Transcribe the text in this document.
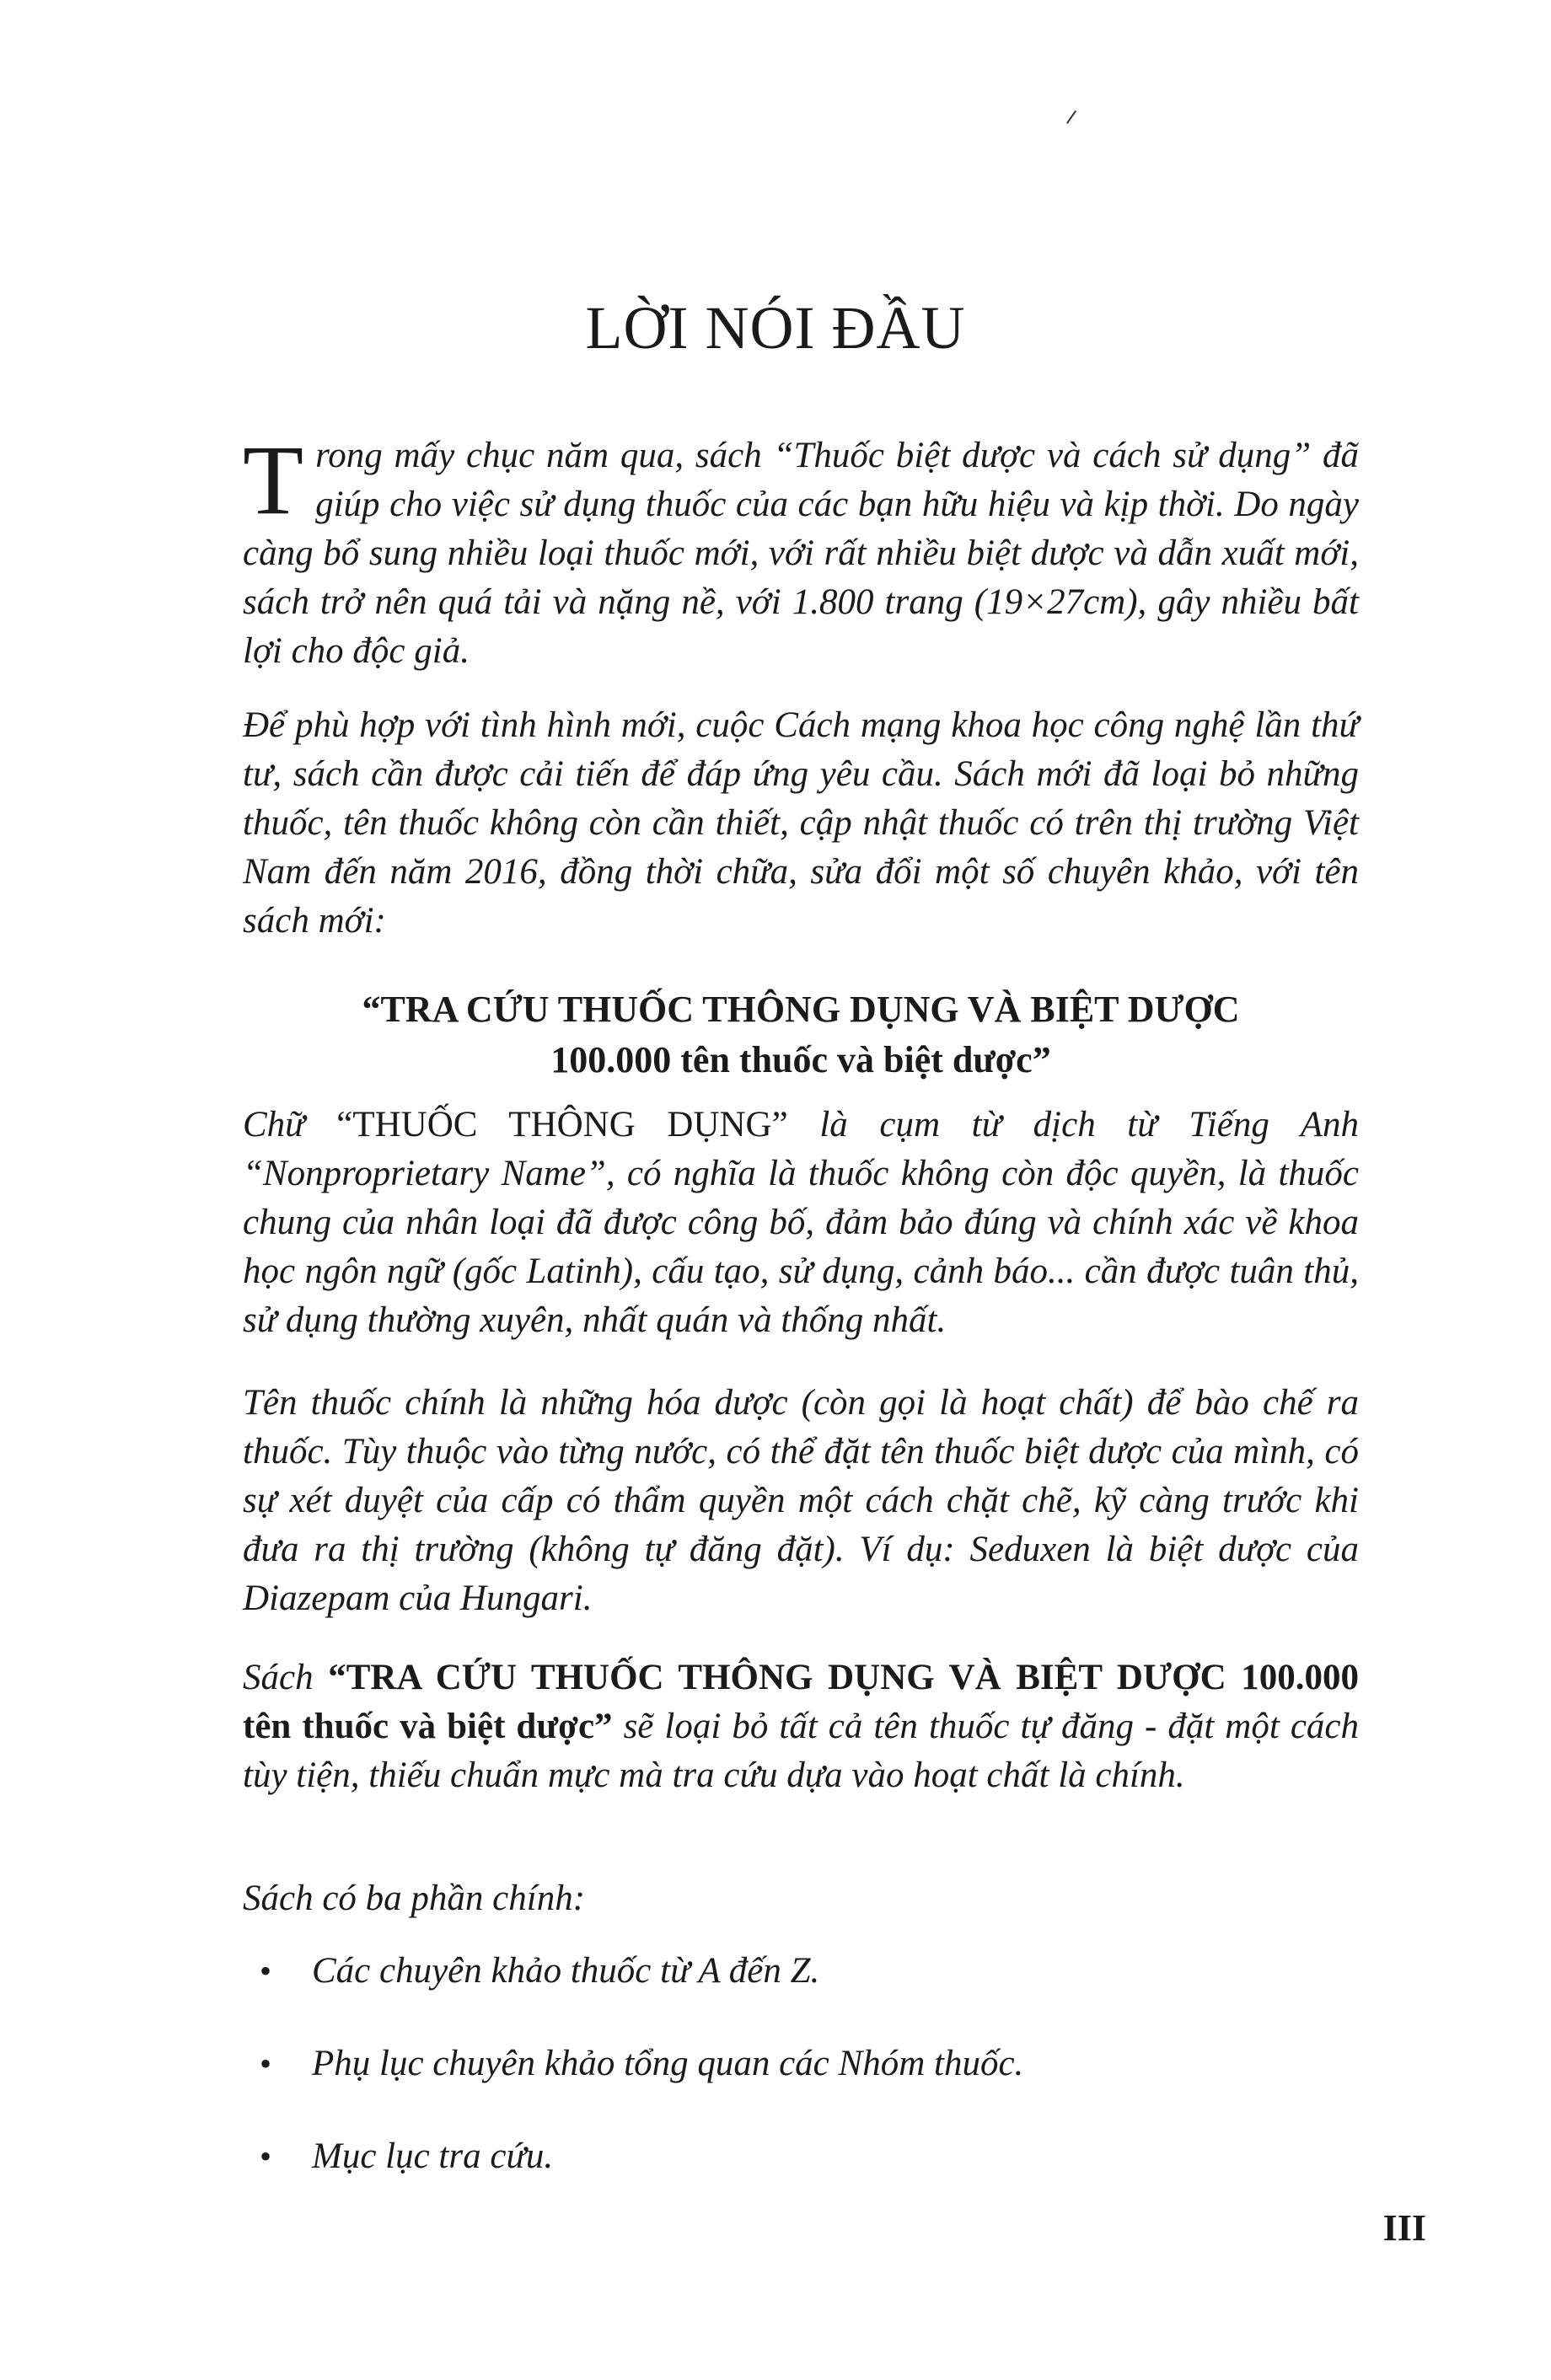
LỜI NÓI ĐẦU

Trong mấy chục năm qua, sách “Thuốc biệt dược và cách sử dụng” đã giúp cho việc sử dụng thuốc của các bạn hữu hiệu và kịp thời. Do ngày càng bổ sung nhiều loại thuốc mới, với rất nhiều biệt dược và dẫn xuất mới, sách trở nên quá tải và nặng nề, với 1.800 trang (19×27cm), gây nhiều bất lợi cho độc giả.

Để phù hợp với tình hình mới, cuộc Cách mạng khoa học công nghệ lần thứ tư, sách cần được cải tiến để đáp ứng yêu cầu. Sách mới đã loại bỏ những thuốc, tên thuốc không còn cần thiết, cập nhật thuốc có trên thị trường Việt Nam đến năm 2016, đồng thời chữa, sửa đổi một số chuyên khảo, với tên sách mới:

“TRA CỨU THUỐC THÔNG DỤNG VÀ BIỆT DƯỢC
100.000 tên thuốc và biệt dược”

Chữ “THUỐC THÔNG DỤNG” là cụm từ dịch từ Tiếng Anh “Nonproprietary Name”, có nghĩa là thuốc không còn độc quyền, là thuốc chung của nhân loại đã được công bố, đảm bảo đúng và chính xác về khoa học ngôn ngữ (gốc Latinh), cấu tạo, sử dụng, cảnh báo... cần được tuân thủ, sử dụng thường xuyên, nhất quán và thống nhất.

Tên thuốc chính là những hóa dược (còn gọi là hoạt chất) để bào chế ra thuốc. Tùy thuộc vào từng nước, có thể đặt tên thuốc biệt dược của mình, có sự xét duyệt của cấp có thẩm quyền một cách chặt chẽ, kỹ càng trước khi đưa ra thị trường (không tự đăng đặt). Ví dụ: Seduxen là biệt dược của Diazepam của Hungari.

Sách “TRA CỨU THUỐC THÔNG DỤNG VÀ BIỆT DƯỢC 100.000 tên thuốc và biệt dược” sẽ loại bỏ tất cả tên thuốc tự đăng - đặt một cách tùy tiện, thiếu chuẩn mực mà tra cứu dựa vào hoạt chất là chính.

Sách có ba phần chính:

• Các chuyên khảo thuốc từ A đến Z.
• Phụ lục chuyên khảo tổng quan các Nhóm thuốc.
• Mục lục tra cứu.
III
